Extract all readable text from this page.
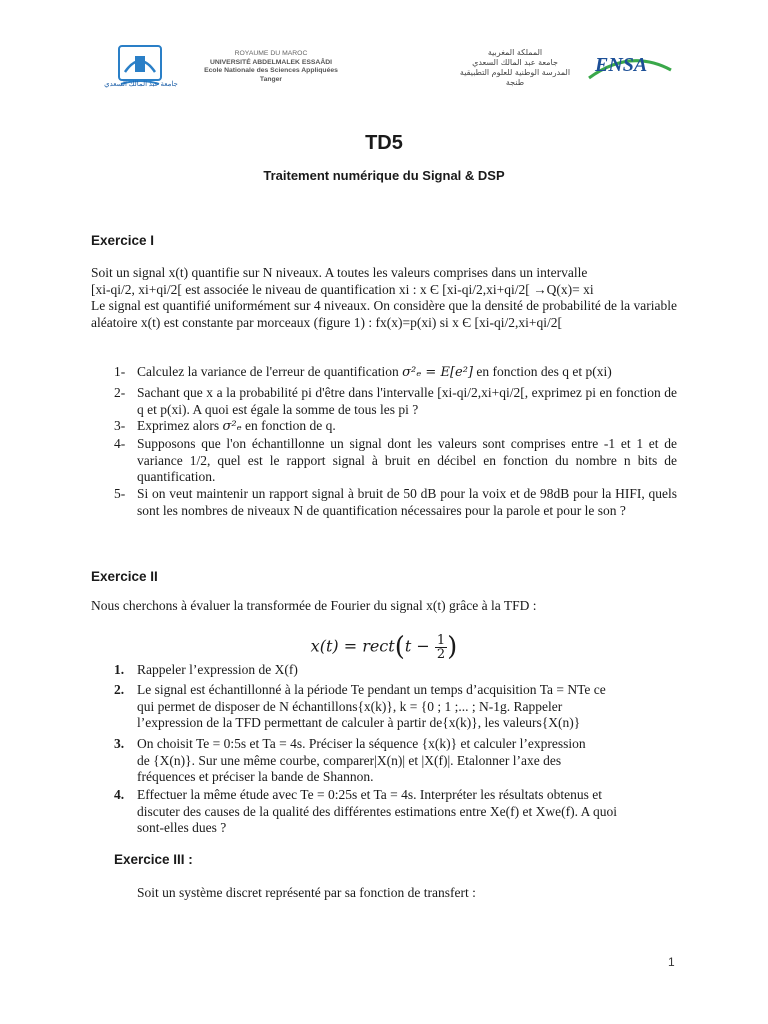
جامعة عبد المالك السعدي
ROYAUME DU MAROC
UNIVERSITÉ ABDELMALEK ESSAÂDI
Ecole Nationale des Sciences Appliquées
Tanger
المملكة المغربية
جامعة عبد المالك السعدي
المدرسة الوطنية للعلوم التطبيقية
طنجة
ENSA
TD5
Traitement numérique du Signal & DSP
Exercice I
Soit un signal x(t) quantifie sur N niveaux. A toutes les valeurs comprises dans un intervalle
[xi-qi/2, xi+qi/2[ est associée le niveau de quantification xi : x Є [xi-qi/2,xi+qi/2[ →Q(x)= xi
Le signal est quantifié uniformément sur 4 niveaux. On considère que la densité de probabilité de la variable aléatoire x(t) est constante par morceaux (figure 1) : fx(x)=p(xi) si x Є [xi-qi/2,xi+qi/2[
1- Calculez la variance de l'erreur de quantification σ²ₑ = E[e²] en fonction des q et p(xi)
2- Sachant que x a la probabilité pi d'être dans l'intervalle [xi-qi/2,xi+qi/2[, exprimez pi en fonction de q et p(xi). A quoi est égale la somme de tous les pi ?
3- Exprimez alors σ²ₑ en fonction de q.
4- Supposons que l'on échantillonne un signal dont les valeurs sont comprises entre -1 et 1 et de variance 1/2, quel est le rapport signal à bruit en décibel en fonction du nombre n bits de quantification.
5- Si on veut maintenir un rapport signal à bruit de 50 dB pour la voix et de 98dB pour la HIFI, quels sont les nombres de niveaux N de quantification nécessaires pour la parole et pour le son ?
Exercice II
Nous cherchons à évaluer la transformée de Fourier du signal x(t) grâce à la TFD :
x(t) = rect(t − $\frac{1}{2}$ )
1. Rappeler l’expression de X(f)
2. Le signal est échantillonné à la période Te pendant un temps d’acquisition Ta = NTe ce
qui permet de disposer de N échantillons{x(k)}, k = {0 ; 1 ;... ; N-1g. Rappeler
l’expression de la TFD permettant de calculer à partir de{x(k)}, les valeurs{X(n)}
3. On choisit Te = 0:5s et Ta = 4s. Préciser la séquence {x(k)} et calculer l’expression
de {X(n)}. Sur une même courbe, comparer|X(n)| et |X(f)|. Etalonner l’axe des
fréquences et préciser la bande de Shannon.
4. Effectuer la même étude avec Te = 0:25s et Ta = 4s. Interpréter les résultats obtenus et
discuter des causes de la qualité des différentes estimations entre Xe(f) et Xwe(f). A quoi
sont-elles dues ?
Exercice III :
Soit un système discret représenté par sa fonction de transfert :
1
